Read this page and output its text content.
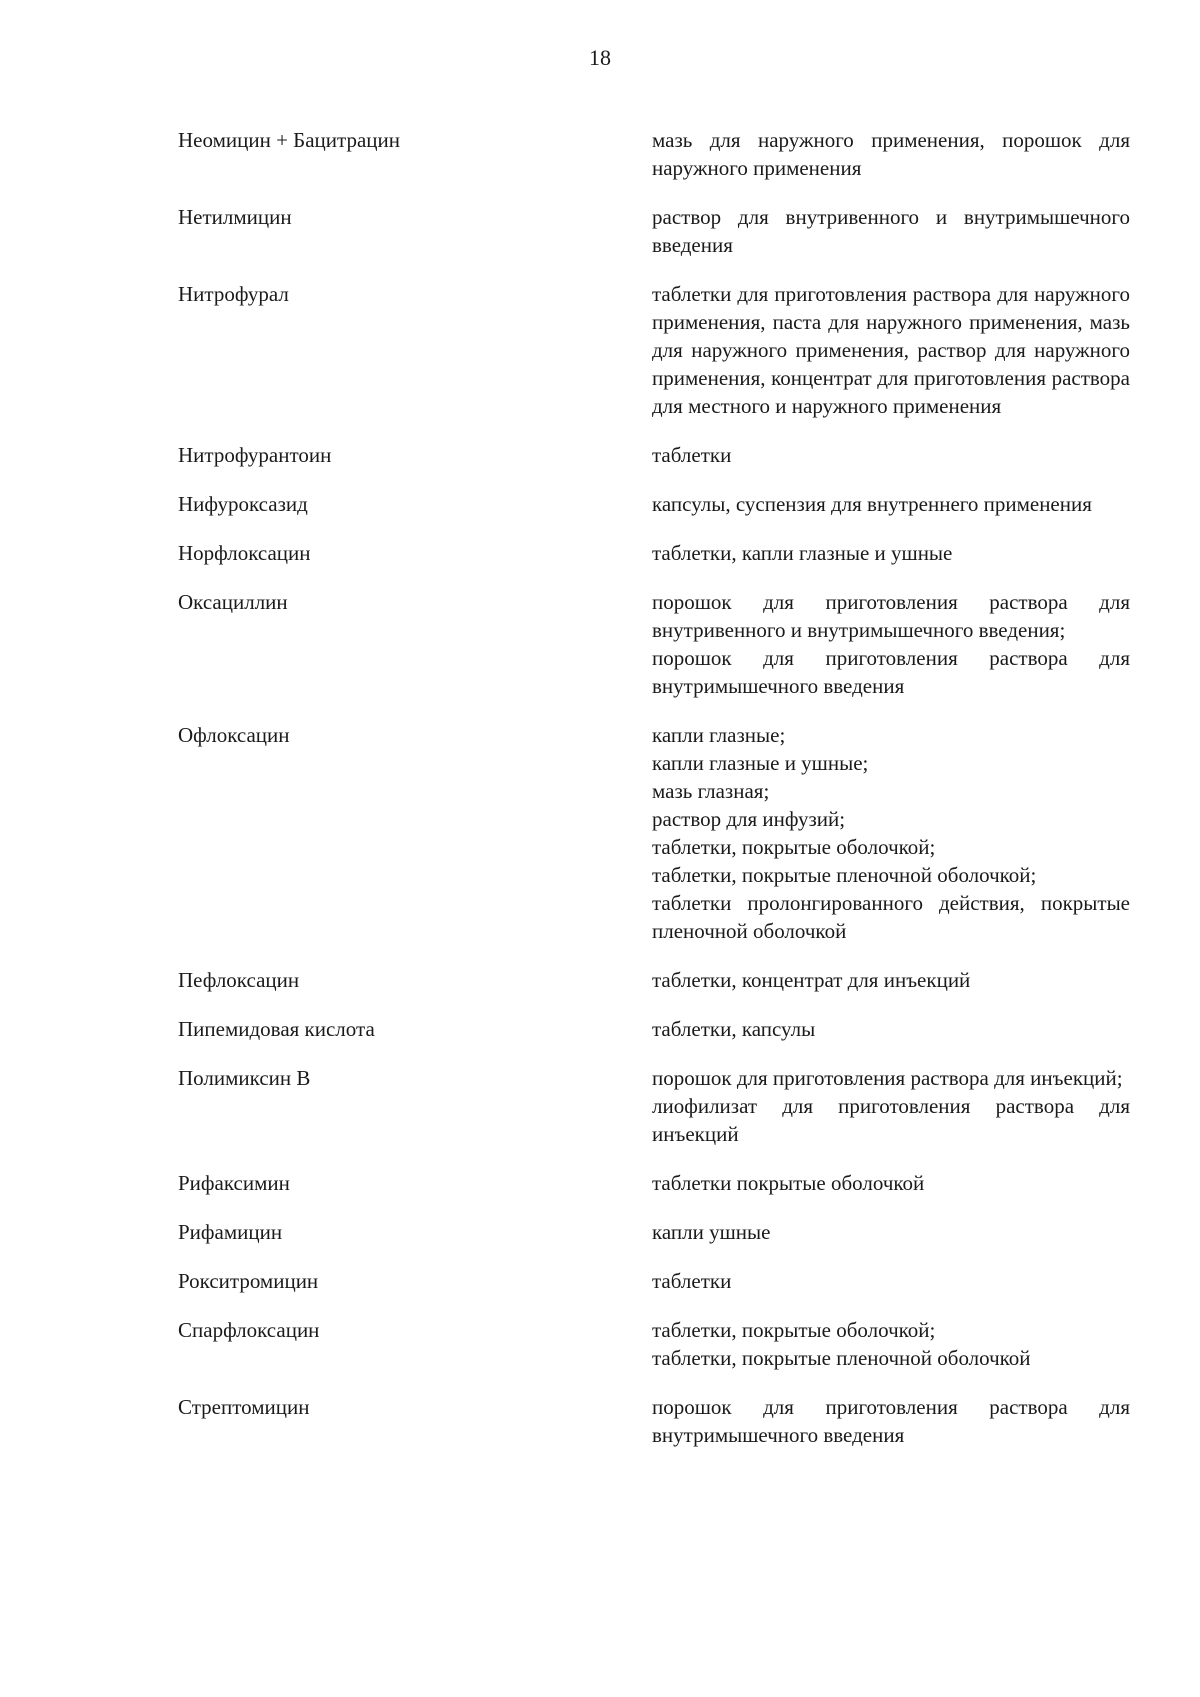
18
Неомицин + Бацитрацин	мазь для наружного применения, порошок для наружного применения
Нетилмицин	раствор для внутривенного и внутримышечного введения
Нитрофурал	таблетки для приготовления раствора для наружного применения, паста для наружного применения, мазь для наружного применения, раствор для наружного применения, концентрат для приготовления раствора для местного и наружного применения
Нитрофурантоин	таблетки
Нифуроксазид	капсулы, суспензия для внутреннего применения
Норфлоксацин	таблетки, капли глазные и ушные
Оксациллин	порошок для приготовления раствора для внутривенного и внутримышечного введения;
порошок для приготовления раствора для внутримышечного введения
Офлоксацин	капли глазные;
капли глазные и ушные;
мазь глазная;
раствор для инфузий;
таблетки, покрытые оболочкой;
таблетки, покрытые пленочной оболочкой;
таблетки пролонгированного действия, покрытые пленочной оболочкой
Пефлоксацин	таблетки, концентрат для инъекций
Пипемидовая кислота	таблетки, капсулы
Полимиксин В	порошок для приготовления раствора для инъекций;
лиофилизат для приготовления раствора для инъекций
Рифаксимин	таблетки покрытые оболочкой
Рифамицин	капли ушные
Рокситромицин	таблетки
Спарфлоксацин	таблетки, покрытые оболочкой;
таблетки, покрытые пленочной оболочкой
Стрептомицин	порошок для приготовления раствора для внутримышечного введения
